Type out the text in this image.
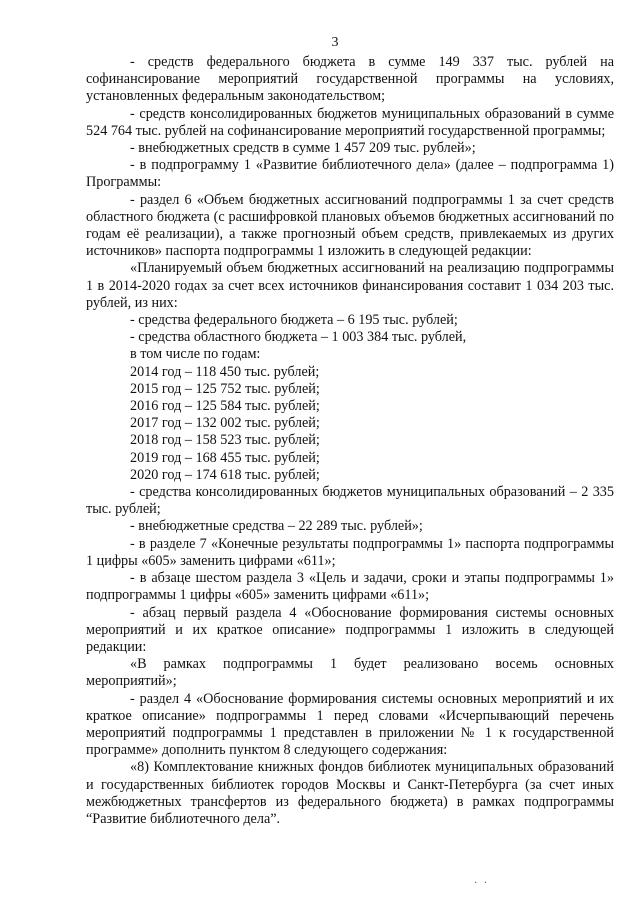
3

- средств федерального бюджета в сумме 149 337 тыс. рублей на софинансирование мероприятий государственной программы на условиях, установленных федеральным законодательством;

- средств консолидированных бюджетов муниципальных образований в сумме 524 764 тыс. рублей на софинансирование мероприятий государственной программы;

- внебюджетных средств в сумме 1 457 209 тыс. рублей»;

- в подпрограмму 1 «Развитие библиотечного дела» (далее – подпрограмма 1) Программы:

- раздел 6 «Объем бюджетных ассигнований подпрограммы 1 за счет средств областного бюджета (с расшифровкой плановых объемов бюджетных ассигнований по годам её реализации), а также прогнозный объем средств, привлекаемых из других источников» паспорта подпрограммы 1 изложить в следующей редакции:

«Планируемый объем бюджетных ассигнований на реализацию подпрограммы 1 в 2014-2020 годах за счет всех источников финансирования составит 1 034 203 тыс. рублей, из них:

- средства федерального бюджета – 6 195 тыс. рублей;
- средства областного бюджета – 1 003 384 тыс. рублей,
в том числе по годам:
2014 год – 118 450 тыс. рублей;
2015 год – 125 752 тыс. рублей;
2016 год – 125 584 тыс. рублей;
2017 год – 132 002 тыс. рублей;
2018 год – 158 523 тыс. рублей;
2019 год – 168 455 тыс. рублей;
2020 год – 174 618 тыс. рублей;

- средства консолидированных бюджетов муниципальных образований – 2 335 тыс. рублей;

- внебюджетные средства – 22 289 тыс. рублей»;

- в разделе 7 «Конечные результаты подпрограммы 1» паспорта подпрограммы 1 цифры «605» заменить цифрами «611»;

- в абзаце шестом раздела 3 «Цель и задачи, сроки и этапы подпрограммы 1» подпрограммы 1 цифры «605» заменить цифрами «611»;

- абзац первый раздела 4 «Обоснование формирования системы основных мероприятий и их краткое описание» подпрограммы 1 изложить в следующей редакции:

«В рамках подпрограммы 1 будет реализовано восемь основных мероприятий»;

- раздел 4 «Обоснование формирования системы основных мероприятий и их краткое описание» подпрограммы 1 перед словами «Исчерпывающий перечень мероприятий подпрограммы 1 представлен в приложении № 1 к государственной программе» дополнить пунктом 8 следующего содержания:

«8) Комплектование книжных фондов библиотек муниципальных образований и государственных библиотек городов Москвы и Санкт-Петербурга (за счет иных межбюджетных трансфертов из федерального бюджета) в рамках подпрограммы “Развитие библиотечного дела”.

· ·
